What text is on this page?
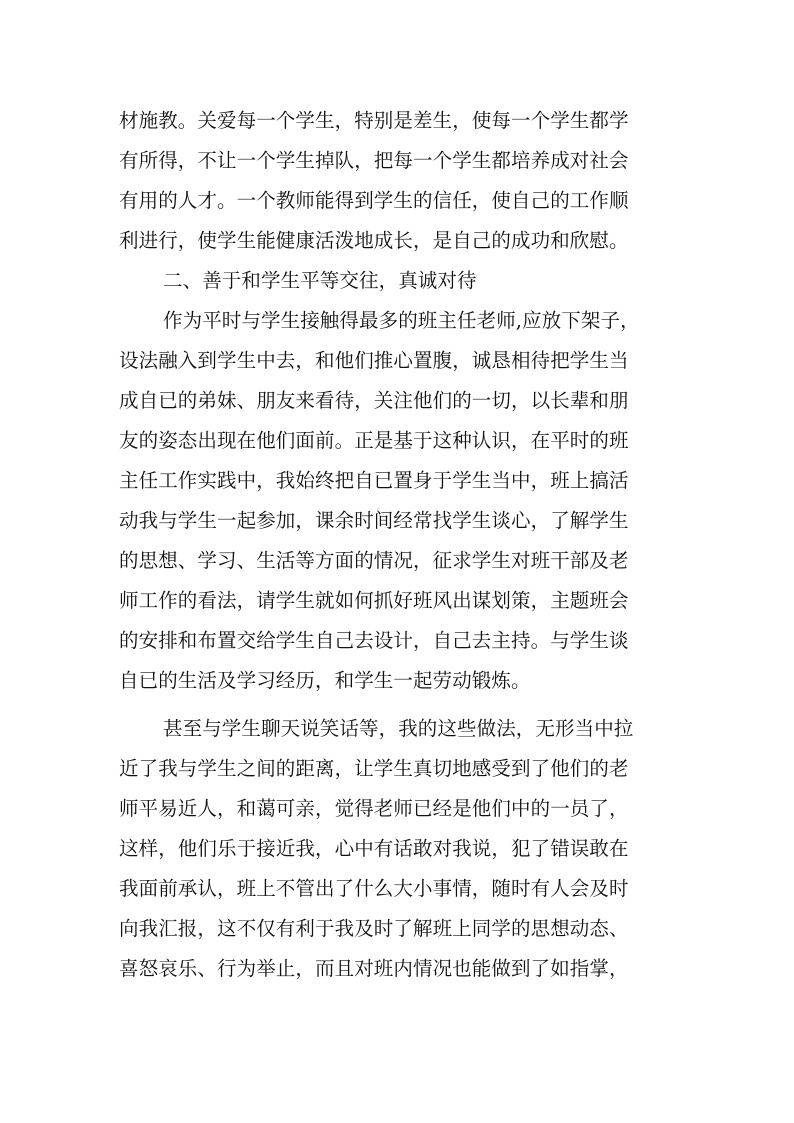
材施教。关爱每一个学生，特别是差生，使每一个学生都学
有所得，不让一个学生掉队，把每一个学生都培养成对社会
有用的人才。一个教师能得到学生的信任，使自己的工作顺
利进行，使学生能健康活泼地成长，是自己的成功和欣慰。
二、善于和学生平等交往，真诚对待
作为平时与学生接触得最多的班主任老师,应放下架子，
设法融入到学生中去，和他们推心置腹，诚恳相待把学生当
成自已的弟妹、朋友来看待，关注他们的一切，以长辈和朋
友的姿态出现在他们面前。正是基于这种认识，在平时的班
主任工作实践中，我始终把自已置身于学生当中，班上搞活
动我与学生一起参加，课余时间经常找学生谈心，了解学生
的思想、学习、生活等方面的情况，征求学生对班干部及老
师工作的看法，请学生就如何抓好班风出谋划策，主题班会
的安排和布置交给学生自己去设计，自己去主持。与学生谈
自已的生活及学习经历，和学生一起劳动锻炼。
甚至与学生聊天说笑话等，我的这些做法，无形当中拉
近了我与学生之间的距离，让学生真切地感受到了他们的老
师平易近人，和蔼可亲，觉得老师已经是他们中的一员了，
这样，他们乐于接近我，心中有话敢对我说，犯了错误敢在
我面前承认，班上不管出了什么大小事情，随时有人会及时
向我汇报，这不仅有利于我及时了解班上同学的思想动态、
喜怒哀乐、行为举止，而且对班内情况也能做到了如指掌，
